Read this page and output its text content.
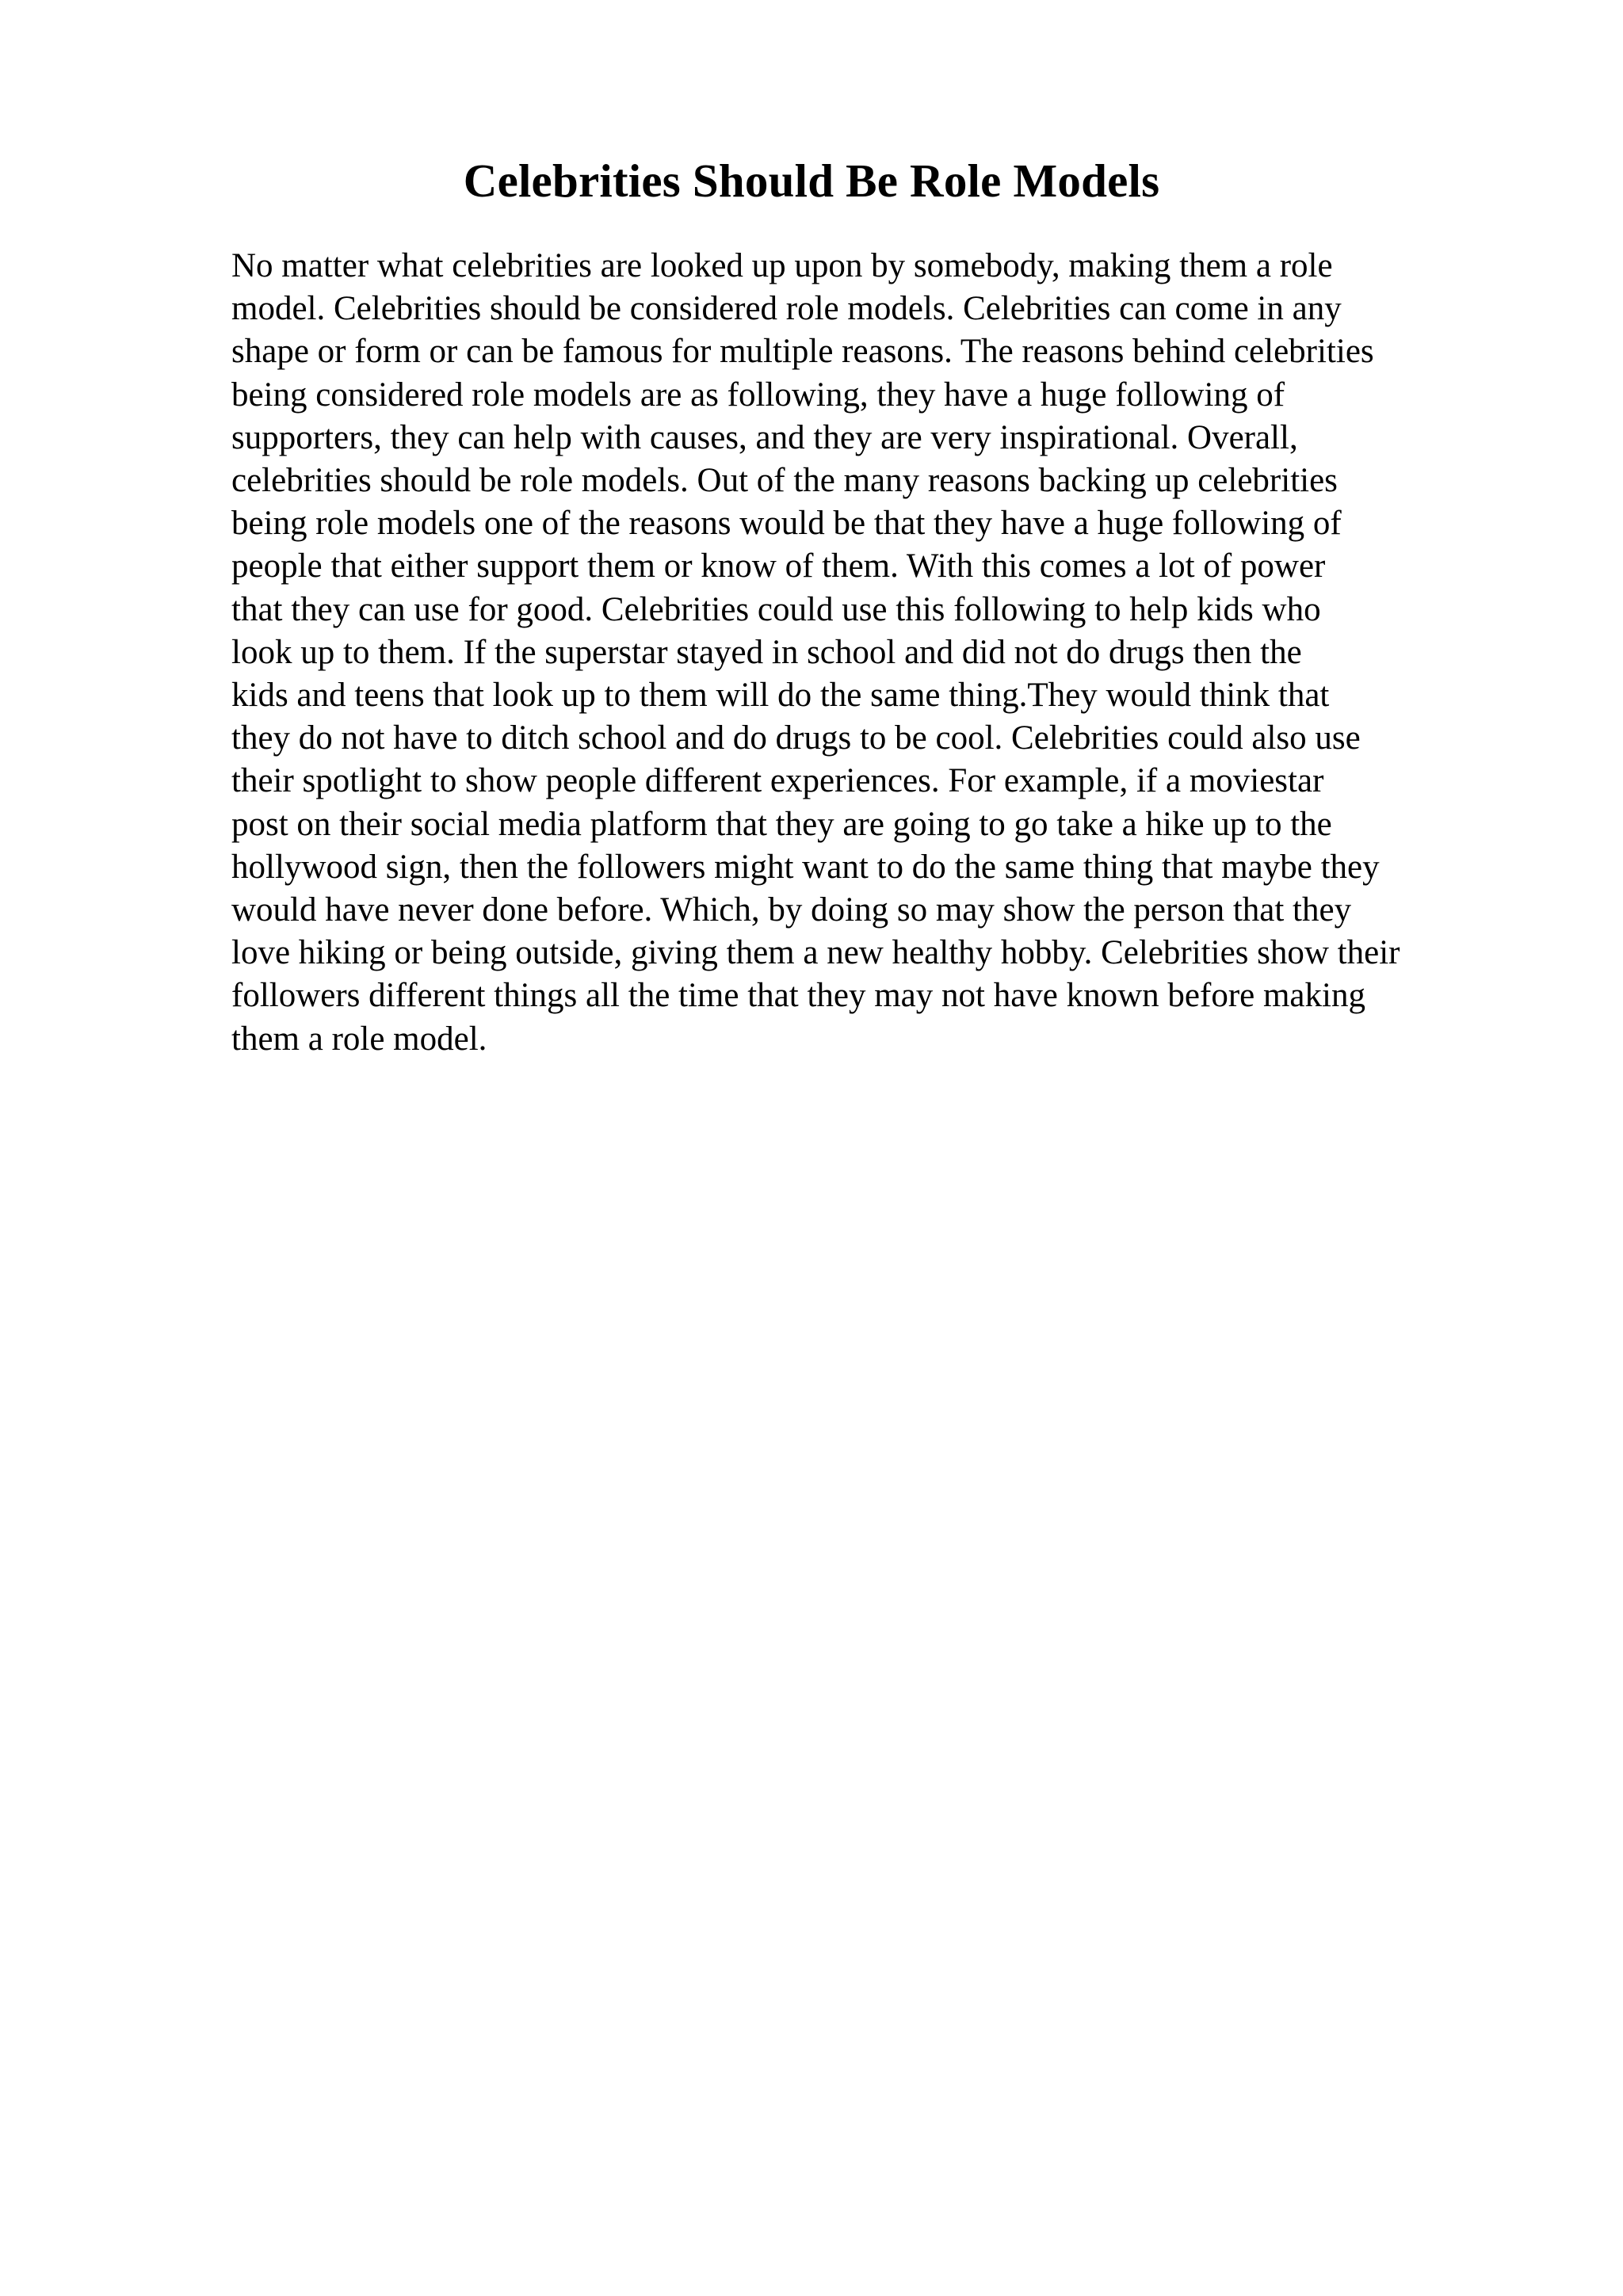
Celebrities Should Be Role Models
No matter what celebrities are looked up upon by somebody, making them a role
model. Celebrities should be considered role models. Celebrities can come in any
shape or form or can be famous for multiple reasons. The reasons behind celebrities
being considered role models are as following, they have a huge following of
supporters, they can help with causes, and they are very inspirational. Overall,
celebrities should be role models. Out of the many reasons backing up celebrities
being role models one of the reasons would be that they have a huge following of
people that either support them or know of them. With this comes a lot of power
that they can use for good. Celebrities could use this following to help kids who
look up to them. If the superstar stayed in school and did not do drugs then the
kids and teens that look up to them will do the same thing.They would think that
they do not have to ditch school and do drugs to be cool. Celebrities could also use
their spotlight to show people different experiences. For example, if a moviestar
post on their social media platform that they are going to go take a hike up to the
hollywood sign, then the followers might want to do the same thing that maybe they
would have never done before. Which, by doing so may show the person that they
love hiking or being outside, giving them a new healthy hobby. Celebrities show their
followers different things all the time that they may not have known before making
them a role model.
